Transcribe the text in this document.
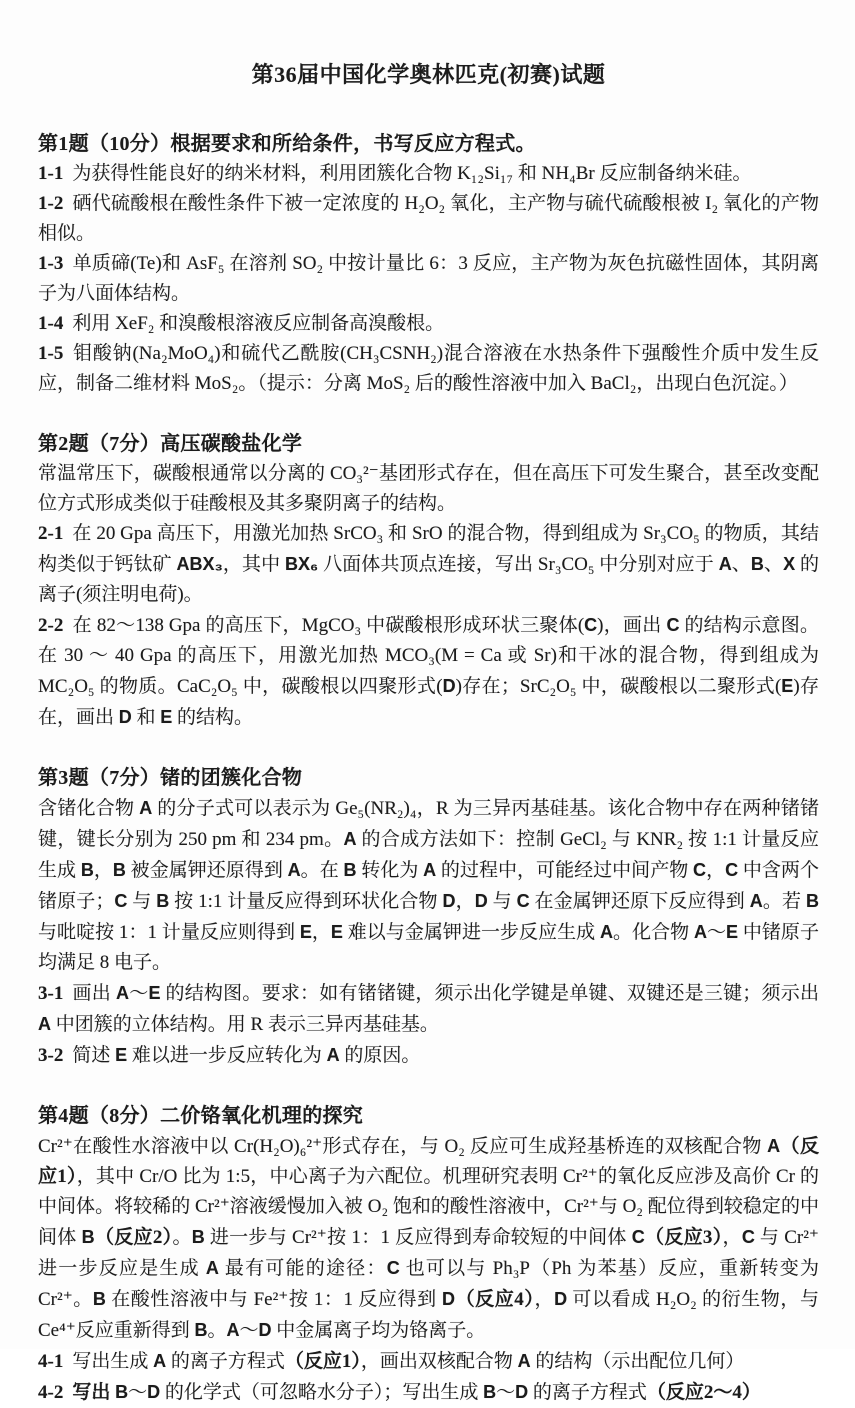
第36届中国化学奥林匹克(初赛)试题
第1题（10分）根据要求和所给条件，书写反应方程式。

1-1 为获得性能良好的纳米材料，利用团簇化合物 K₁₂Si₁₇ 和 NH₄Br 反应制备纳米硅。

1-2 硒代硫酸根在酸性条件下被一定浓度的 H₂O₂ 氧化，主产物与硫代硫酸根被 I₂ 氧化的产物相似。

1-3 单质碲(Te)和 AsF₅ 在溶剂 SO₂ 中按计量比 6：3 反应，主产物为灰色抗磁性固体，其阴离子为八面体结构。

1-4 利用 XeF₂ 和溴酸根溶液反应制备高溴酸根。

1-5 钼酸钠(Na₂MoO₄)和硫代乙酰胺(CH₃CSNH₂)混合溶液在水热条件下强酸性介质中发生反应，制备二维材料 MoS₂。（提示：分离 MoS₂ 后的酸性溶液中加入 BaCl₂，出现白色沉淀。）

第2题（7分）高压碳酸盐化学

常温常压下，碳酸根通常以分离的 CO₃²⁻基团形式存在，但在高压下可发生聚合，甚至改变配位方式形成类似于硅酸根及其多聚阴离子的结构。

2-1 在 20 Gpa 高压下，用激光加热 SrCO₃ 和 SrO 的混合物，得到组成为 Sr₃CO₅ 的物质，其结构类似于钙钛矿 ABX₃，其中 BX₆ 八面体共顶点连接，写出 Sr₃CO₅ 中分别对应于 A、B、X 的离子(须注明电荷)。

2-2 在 82～138 Gpa 的高压下，MgCO₃ 中碳酸根形成环状三聚体(C)，画出 C 的结构示意图。在 30 ～ 40 Gpa 的高压下，用激光加热 MCO₃(M = Ca 或 Sr)和干冰的混合物，得到组成为 MC₂O₅ 的物质。CaC₂O₅ 中，碳酸根以四聚形式(D)存在；SrC₂O₅ 中，碳酸根以二聚形式(E)存在，画出 D 和 E 的结构。

第3题（7分）锗的团簇化合物

含锗化合物 A 的分子式可以表示为 Ge₅(NR₂)₄，R 为三异丙基硅基。该化合物中存在两种锗锗键，键长分别为 250 pm 和 234 pm。A 的合成方法如下：控制 GeCl₂ 与 KNR₂ 按 1:1 计量反应生成 B，B 被金属钾还原得到 A。在 B 转化为 A 的过程中，可能经过中间产物 C，C 中含两个锗原子；C 与 B 按 1:1 计量反应得到环状化合物 D，D 与 C 在金属钾还原下反应得到 A。若 B 与吡啶按 1：1 计量反应则得到 E，E 难以与金属钾进一步反应生成 A。化合物 A～E 中锗原子均满足 8 电子。

3-1 画出 A～E 的结构图。要求：如有锗锗键，须示出化学键是单键、双键还是三键；须示出 A 中团簇的立体结构。用 R 表示三异丙基硅基。

3-2 简述 E 难以进一步反应转化为 A 的原因。

第4题（8分）二价铬氧化机理的探究

Cr²⁺在酸性水溶液中以 Cr(H₂O)₆²⁺形式存在，与 O₂ 反应可生成羟基桥连的双核配合物 A（反应1），其中 Cr/O 比为 1:5，中心离子为六配位。机理研究表明 Cr²⁺的氧化反应涉及高价 Cr 的中间体。将较稀的 Cr²⁺溶液缓慢加入被 O₂ 饱和的酸性溶液中，Cr²⁺与 O₂ 配位得到较稳定的中间体 B（反应2）。B 进一步与 Cr²⁺按 1：1 反应得到寿命较短的中间体 C（反应3），C 与 Cr²⁺进一步反应是生成 A 最有可能的途径：C 也可以与 Ph₃P（Ph 为苯基）反应，重新转变为 Cr²⁺。B 在酸性溶液中与 Fe²⁺按 1：1 反应得到 D（反应4），D 可以看成 H₂O₂ 的衍生物，与 Ce⁴⁺反应重新得到 B。A～D 中金属离子均为铬离子。

4-1 写出生成 A 的离子方程式（反应1），画出双核配合物 A 的结构（示出配位几何）

4-2 写出 B～D 的化学式（可忽略水分子）；写出生成 B～D 的离子方程式（反应2～4）
